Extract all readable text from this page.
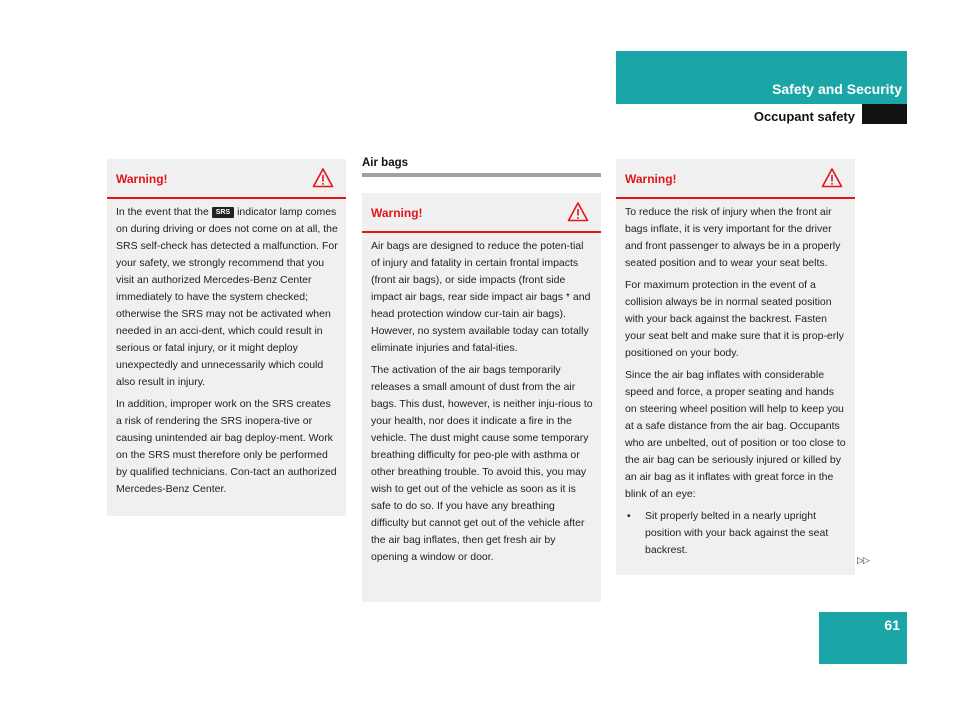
Safety and Security
Occupant safety
Warning!

In the event that the SRS indicator lamp comes on during driving or does not come on at all, the SRS self-check has detected a malfunction. For your safety, we strongly recommend that you visit an authorized Mercedes-Benz Center immediately to have the system checked; otherwise the SRS may not be activated when needed in an acci-dent, which could result in serious or fatal injury, or it might deploy unexpectedly and unnecessarily which could also result in injury.

In addition, improper work on the SRS creates a risk of rendering the SRS inopera-tive or causing unintended air bag deploy-ment. Work on the SRS must therefore only be performed by qualified technicians. Con-tact an authorized Mercedes-Benz Center.

Air bags
Warning!

Air bags are designed to reduce the poten-tial of injury and fatality in certain frontal impacts (front air bags), or side impacts (front side impact air bags, rear side impact air bags * and head protection window cur-tain air bags). However, no system available today can totally eliminate injuries and fatal-ities.

The activation of the air bags temporarily releases a small amount of dust from the air bags. This dust, however, is neither inju-rious to your health, nor does it indicate a fire in the vehicle. The dust might cause some temporary breathing difficulty for peo-ple with asthma or other breathing trouble. To avoid this, you may wish to get out of the vehicle as soon as it is safe to do so. If you have any breathing difficulty but cannot get out of the vehicle after the air bag inflates, then get fresh air by opening a window or door.

Warning!

To reduce the risk of injury when the front air bags inflate, it is very important for the driver and front passenger to always be in a properly seated position and to wear your seat belts.

For maximum protection in the event of a collision always be in normal seated position with your back against the backrest. Fasten your seat belt and make sure that it is prop-erly positioned on your body.

Since the air bag inflates with considerable speed and force, a proper seating and hands on steering wheel position will help to keep you at a safe distance from the air bag. Occupants who are unbelted, out of position or too close to the air bag can be seriously injured or killed by an air bag as it inflates with great force in the blink of an eye:

• Sit properly belted in a nearly upright position with your back against the seat backrest.

▷▷
61
